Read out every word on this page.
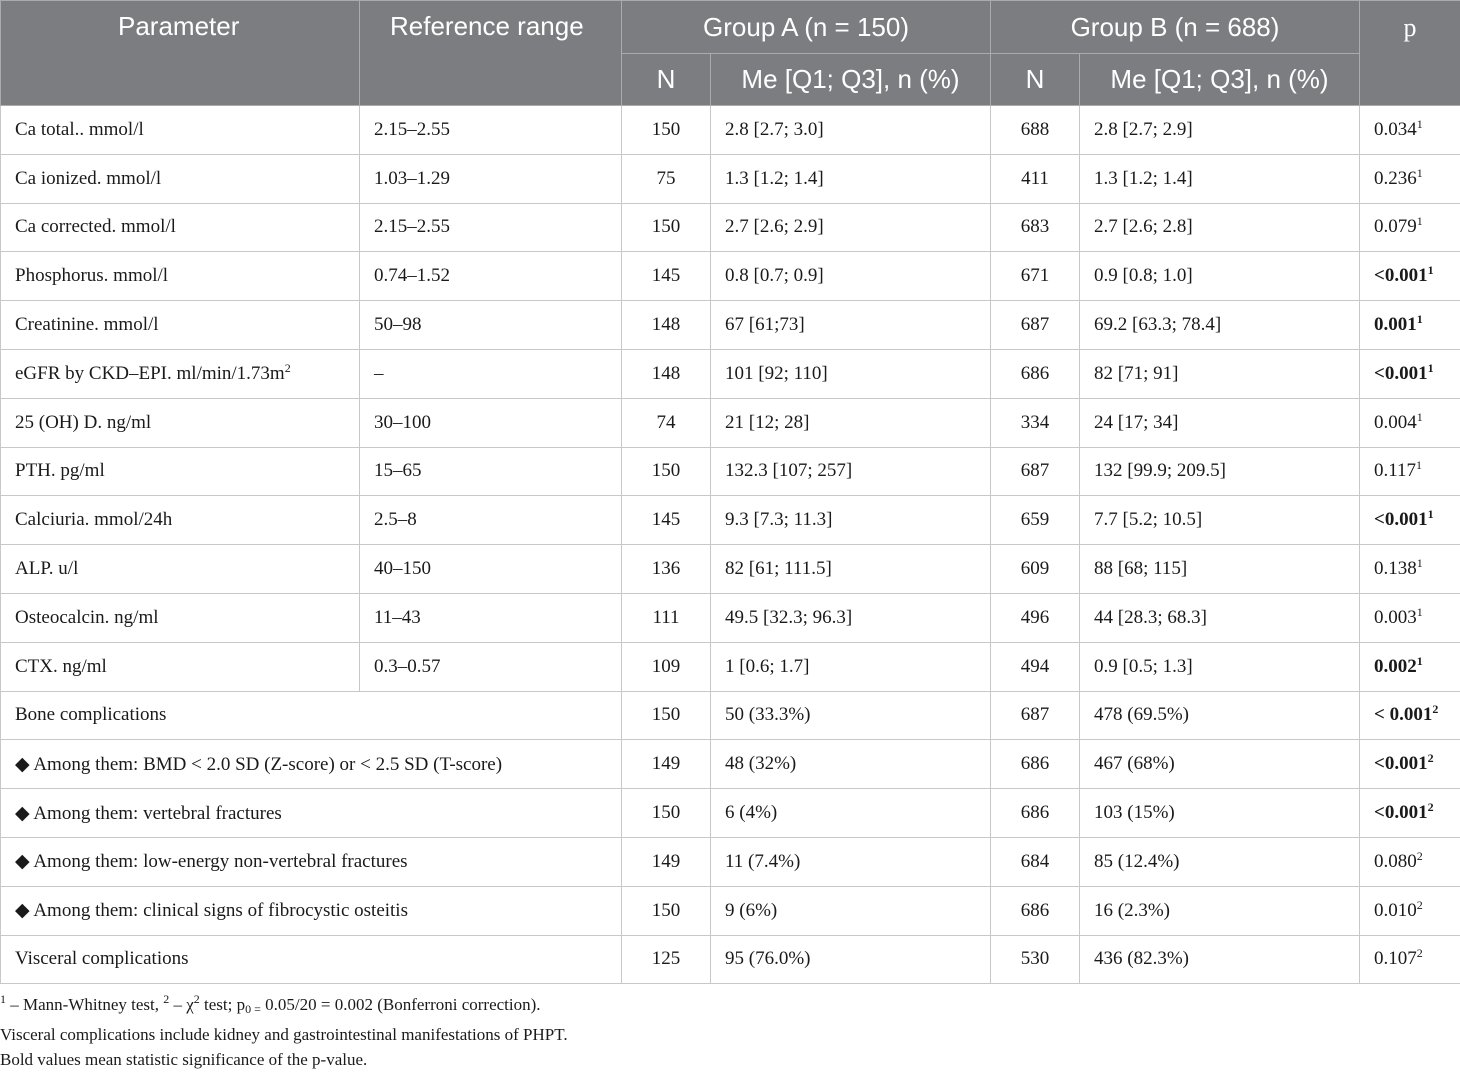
Parameter	Reference range	Group A (n = 150)		Group B (n = 688)		p
		N	Me [Q1; Q3], n (%)	N	Me [Q1; Q3], n (%)	
Ca total.. mmol/l	2.15–2.55	150	2.8 [2.7; 3.0]	688	2.8 [2.7; 2.9]	0.034$^1$
Ca ionized. mmol/l	1.03–1.29	75	1.3 [1.2; 1.4]	411	1.3 [1.2; 1.4]	0.236$^1$
Ca corrected. mmol/l	2.15–2.55	150	2.7 [2.6; 2.9]	683	2.7 [2.6; 2.8]	0.079$^1$
Phosphorus. mmol/l	0.74–1.52	145	0.8 [0.7; 0.9]	671	0.9 [0.8; 1.0]	$<0.001^1$
Creatinine. mmol/l	50–98	148	67 [61;73]	687	69.2 [63.3; 78.4]	0.001$^1$
eGFR by CKD–EPI. $ml/\min/1.73m^2$	–	148	101 [92; 110]	686	82 [71; 91]	$<0.001^1$
25 (OH) D. ng/ml	30–100	74	21 [12; 28]	334	24 [17; 34]	0.004$^1$
PTH. pg/ml	15–65	150	132.3 [107; 257]	687	132 [99.9; 209.5]	0.117$^1$
Calciuria. mmol/24h	2.5–8	145	9.3 [7.3; 11.3]	659	7.7 [5.2; 10.5]	$<0.001^1$
ALP. u/l	40–150	136	82 [61; 111.5]	609	88 [68; 115]	0.138$^1$
Osteocalcin. ng/ml	11–43	111	49.5 [32.3; 96.3]	496	44 [28.3; 68.3]	0.003$^1$
CTX. ng/ml	0.3–0.57	109	1 [0.6; 1.7]	494	0.9 [0.5; 1.3]	0.002$^1$
Bone complications		150	50 (33.3%)	687	478 (69.5%)	< $0.001^2$
◆ Among them: BMD < 2.0 SD (Z-score) or < 2.5 SD (T-score)		149	48 (32%)	686	467 (68%)	$<0.001^2$
◆ Among them: vertebral fractures		150	6 (4%)	686	103 (15%)	$<0.001^2$
◆ Among them: low-energy non-vertebral fractures		149	11 (7.4%)	684	85 (12.4%)	0.080$^2$
◆ Among them: clinical signs of fibrocystic osteitis		150	9 (6%)	686	16 (2.3%)	0.010$^2$
Visceral complications		125	95 (76.0%)	530	436 (82.3%)	0.107$^2$
$^1$ – Mann-Whitney test, $^2 - \chi^2$ test; $p_{0 =}$ 0.05/20 = 0.002 (Bonferroni correction).
Visceral complications include kidney and gastrointestinal manifestations of PHPT.
Bold values mean statistic significance of the p-value.
